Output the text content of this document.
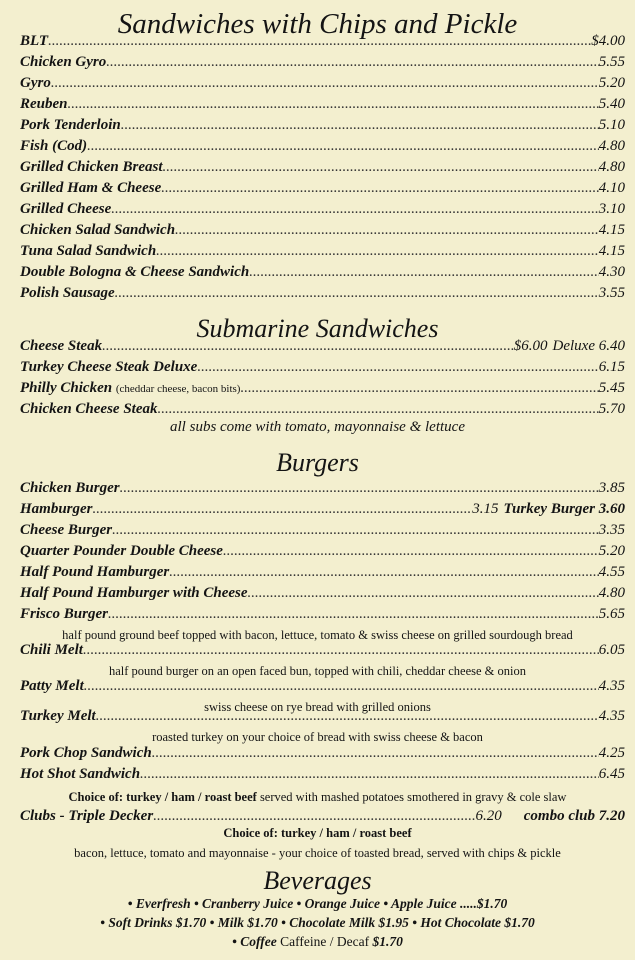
Sandwiches with Chips and Pickle
BLT .....	$4.00
Chicken Gyro .....	5.55
Gyro .....	5.20
Reuben .....	5.40
Pork Tenderloin .....	5.10
Fish (Cod) .....	4.80
Grilled Chicken Breast .....	4.80
Grilled Ham & Cheese .....	4.10
Grilled Cheese .....	3.10
Chicken Salad Sandwich .....	4.15
Tuna Salad Sandwich .....	4.15
Double Bologna & Cheese Sandwich .....	4.30
Polish Sausage .....	3.55
Submarine Sandwiches
Cheese Steak .....	$6.00 Deluxe 6.40
Turkey Cheese Steak Deluxe .....	6.15
Philly Chicken (cheddar cheese, bacon bits) .....	5.45
Chicken Cheese Steak .....	5.70
all subs come with tomato, mayonnaise & lettuce
Burgers
Chicken Burger .....	3.85
Hamburger .....	3.15 Turkey Burger 3.60
Cheese Burger .....	3.35
Quarter Pounder Double Cheese .....	5.20
Half Pound Hamburger .....	4.55
Half Pound Hamburger with Cheese .....	4.80
Frisco Burger .....	5.65
Chili Melt .....	6.05
Patty Melt .....	4.35
Turkey Melt .....	4.35
Pork Chop Sandwich .....	4.25
Hot Shot Sandwich .....	6.45
half pound ground beef topped with bacon, lettuce, tomato & swiss cheese on grilled sourdough bread
half pound burger on an open faced bun, topped with chili, cheddar cheese & onion
swiss cheese on rye bread with grilled onions
roasted turkey on your choice of bread with swiss cheese & bacon
Choice of: turkey / ham / roast beef served with mashed potatoes smothered in gravy & cole slaw
Clubs - Triple Decker .....	6.20 combo club 7.20
Choice of: turkey / ham / roast beef
bacon, lettuce, tomato and mayonnaise - your choice of toasted bread, served with chips & pickle
Beverages
• Everfresh • Cranberry Juice • Orange Juice • Apple Juice .....$1.70
• Soft Drinks $1.70 • Milk $1.70 • Chocolate Milk $1.95 • Hot Chocolate $1.70
• Coffee Caffeine / Decaf $1.70
